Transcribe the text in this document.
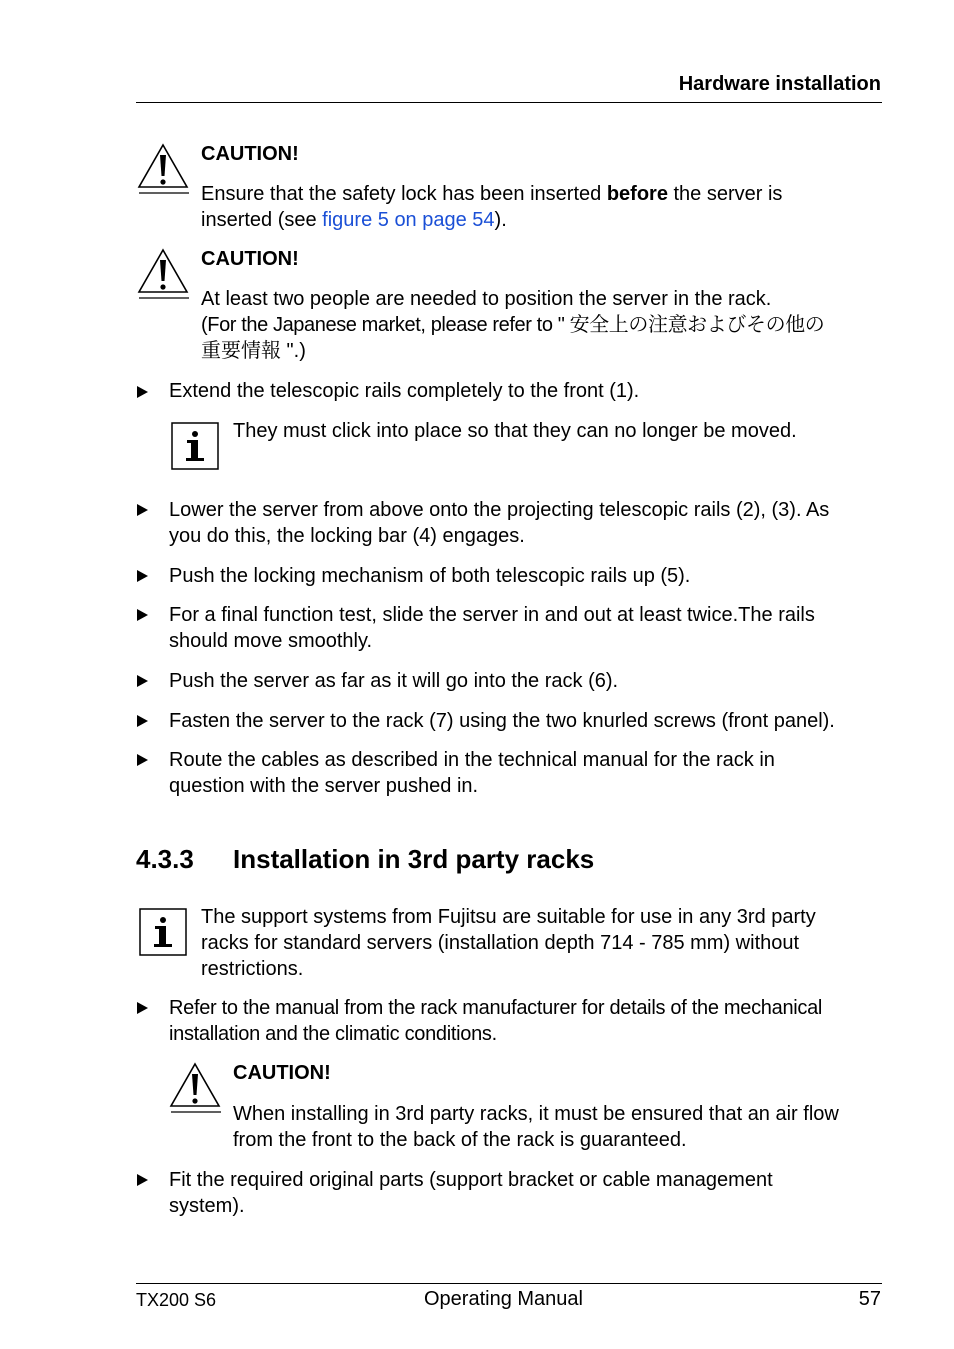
Hardware installation
CAUTION!
Ensure that the safety lock has been inserted before the server is
inserted (see figure 5 on page 54).
CAUTION!
At least two people are needed to position the server in the rack.
(For the Japanese market, please refer to " 安全上の注意およびその他の
重要情報 ".)
Extend the telescopic rails completely to the front (1).
They must click into place so that they can no longer be moved.
Lower the server from above onto the projecting telescopic rails (2), (3). As
you do this, the locking bar (4) engages.
Push the locking mechanism of both telescopic rails up (5).
For a final function test, slide the server in and out at least twice.The rails
should move smoothly.
Push the server as far as it will go into the rack (6).
Fasten the server to the rack (7) using the two knurled screws (front panel).
Route the cables as described in the technical manual for the rack in
question with the server pushed in.
4.3.3 Installation in 3rd party racks
The support systems from Fujitsu are suitable for use in any 3rd party
racks for standard servers (installation depth 714 - 785 mm) without
restrictions.
Refer to the manual from the rack manufacturer for details of the mechanical
installation and the climatic conditions.
CAUTION!
When installing in 3rd party racks, it must be ensured that an air flow
from the front to the back of the rack is guaranteed.
Fit the required original parts (support bracket or cable management
system).
TX200 S6	Operating Manual	57
